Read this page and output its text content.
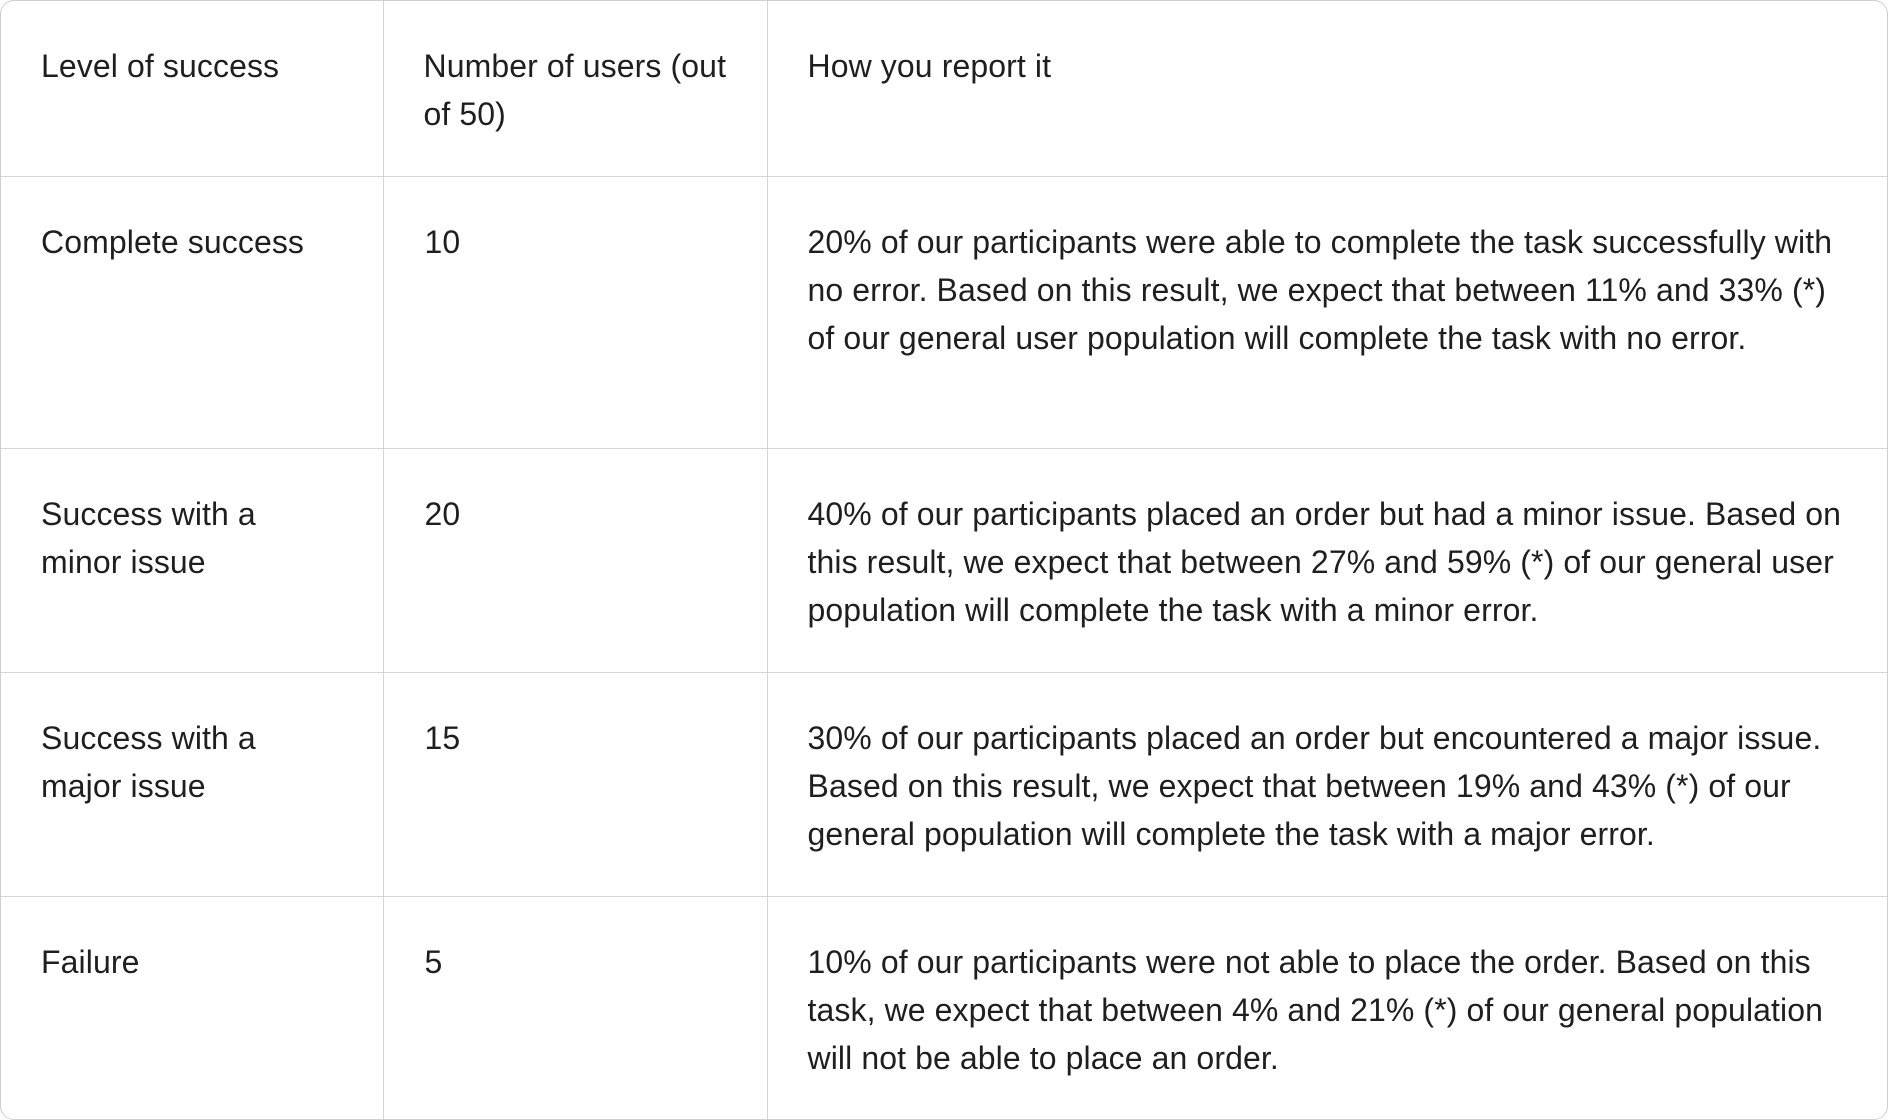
Level of success	Number of users (out of 50)	How you report it
Complete success	10	20% of our participants were able to complete the task successfully with no error. Based on this result, we expect that between 11% and 33% (*) of our general user population will complete the task with no error.
Success with a minor issue	20	40% of our participants placed an order but had a minor issue. Based on this result, we expect that between 27% and 59% (*) of our general user population will complete the task with a minor error.
Success with a major issue	15	30% of our participants placed an order but encountered a major issue. Based on this result, we expect that between 19% and 43% (*) of our general population will complete the task with a major error.
Failure	5	10% of our participants were not able to place the order. Based on this task, we expect that between 4% and 21% (*) of our general population will not be able to place an order.
